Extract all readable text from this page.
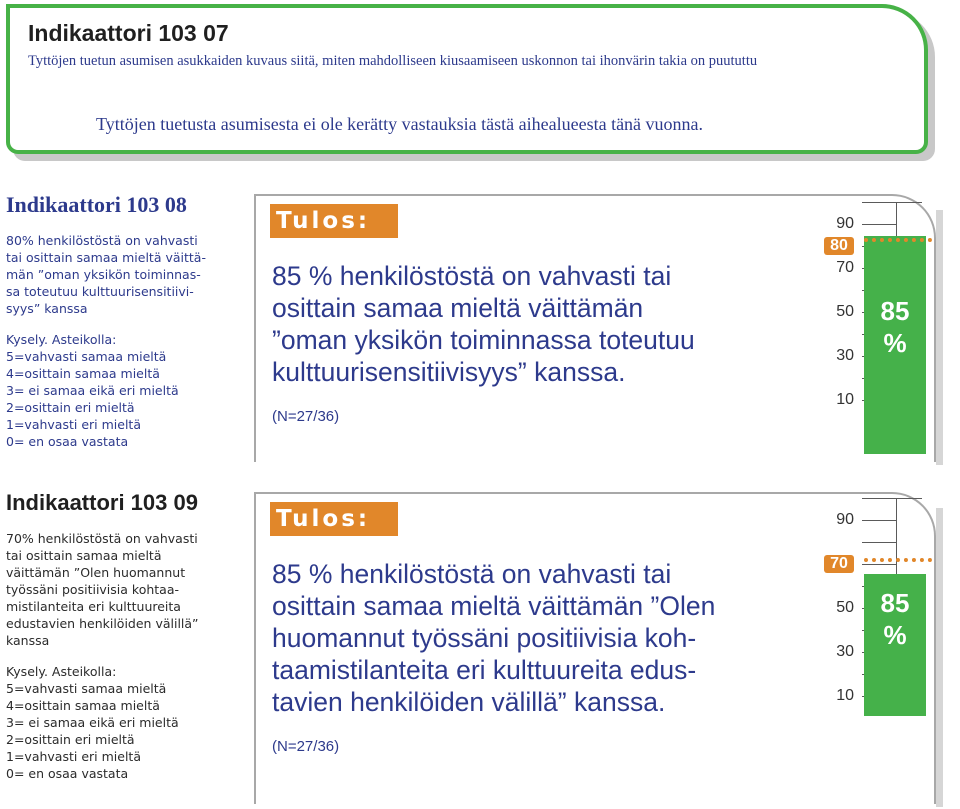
Indikaattori 103 07
Tyttöjen tuetun asumisen asukkaiden kuvaus siitä, miten mahdolliseen kiusaamiseen uskonnon tai ihonvärin takia on puututtu
Tyttöjen tuetusta asumisesta ei ole kerätty vastauksia tästä aihealueesta tänä vuonna.
Indikaattori 103 08
80% henkilöstöstä on vahvasti
tai osittain samaa mieltä väittä-
män ”oman yksikön toiminnas-
sa toteutuu kulttuurisensitiivi-
syys” kanssa
Kysely. Asteikolla:
5=vahvasti samaa mieltä
4=osittain samaa mieltä
3= ei samaa eikä eri mieltä
2=osittain eri mieltä
1=vahvasti eri mieltä
0= en osaa vastata
Tulos:
85 % henkilöstöstä on vahvasti tai
osittain samaa mieltä väittämän
”oman yksikön toiminnassa toteutuu
kulttuurisensitiivisyys” kanssa.
(N=27/36)
90
80
70
50
30
10
85
%
Indikaattori 103 09
70% henkilöstöstä on vahvasti
tai osittain samaa mieltä
väittämän ”Olen huomannut
työssäni positiivisia kohtaa-
mistilanteita eri kulttuureita
edustavien henkilöiden välillä”
kanssa
Kysely. Asteikolla:
5=vahvasti samaa mieltä
4=osittain samaa mieltä
3= ei samaa eikä eri mieltä
2=osittain eri mieltä
1=vahvasti eri mieltä
0= en osaa vastata
Tulos:
85 % henkilöstöstä on vahvasti tai
osittain samaa mieltä väittämän ”Olen
huomannut työssäni positiivisia koh-
taamistilanteita eri kulttuureita edus-
tavien henkilöiden välillä” kanssa.
(N=27/36)
90
70
50
30
10
85
%
